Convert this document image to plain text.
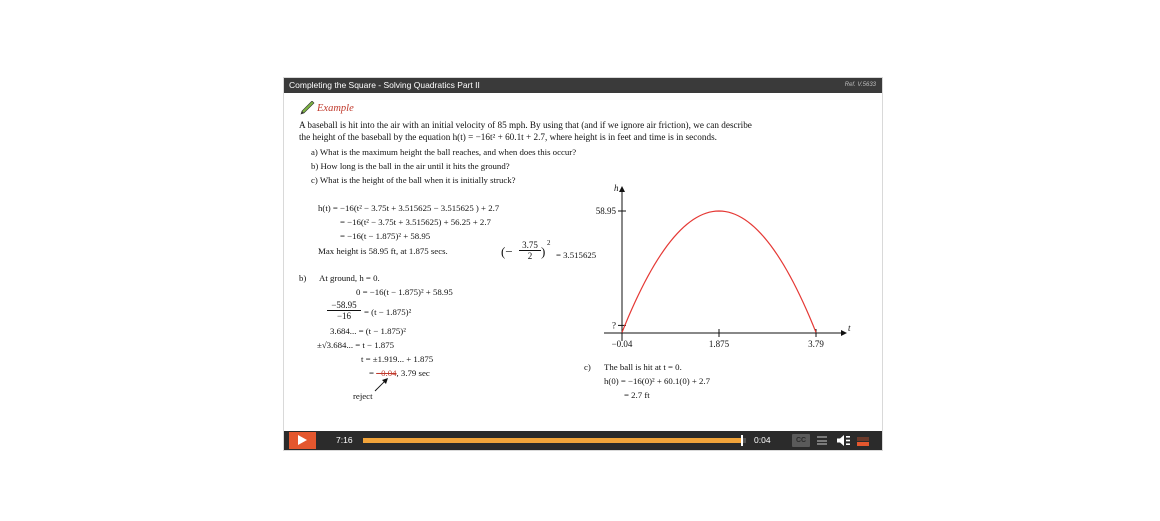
Completing the Square - Solving Quadratics Part II	Ref. V.5633
Example
A baseball is hit into the air with an initial velocity of 85 mph. By using that (and if we ignore air friction), we can describe
the height of the baseball by the equation h(t) = −16t² + 60.1t + 2.7, where height is in feet and time is in seconds.
a) What is the maximum height the ball reaches, and when does this occur?
b) How long is the ball in the air until it hits the ground?
c) What is the height of the ball when it is initially struck?
h(t) = −16(t² − 3.75t + 3.515625 − 3.515625 ) + 2.7
= −16(t² − 3.75t + 3.515625) + 56.25 + 2.7
= −16(t − 1.875)² + 58.95
Max height is 58.95 ft, at 1.875 secs.	(− $\frac{3.75}{2}$ )
2
= 3.515625
b) At ground, h = 0.
0 = −16(t − 1.875)² + 58.95
$\frac{-58.95}{-16} = (t - 1.875)^2$
3.684... = (t − 1.875)²
±√3.684... = t − 1.875
t = ±1.919... + 1.875
= −0.04, 3.79 sec
reject
c) The ball is hit at t = 0.
h(0) = −16(0)² + 60.1(0) + 2.7
= 2.7 ft
h
t
58.95
?
−0.04	1.875	3.79
7:16	0:04	CC
